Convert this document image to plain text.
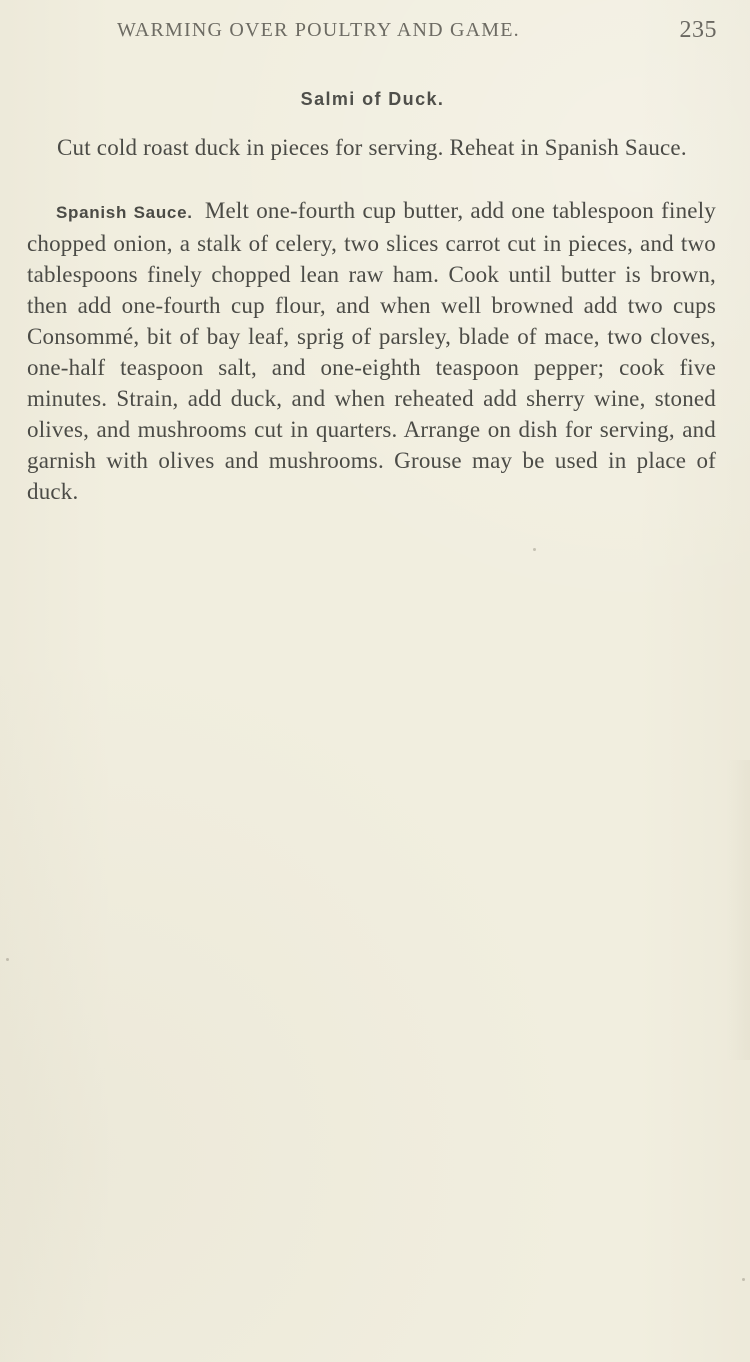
WARMING OVER POULTRY AND GAME.	235
Salmi of Duck.
Cut cold roast duck in pieces for serving. Reheat in Spanish Sauce.
Spanish Sauce. Melt one-fourth cup butter, add one tablespoon finely chopped onion, a stalk of celery, two slices carrot cut in pieces, and two tablespoons finely chopped lean raw ham. Cook until butter is brown, then add one-fourth cup flour, and when well browned add two cups Consommé, bit of bay leaf, sprig of parsley, blade of mace, two cloves, one-half teaspoon salt, and one-eighth teaspoon pepper; cook five minutes. Strain, add duck, and when reheated add sherry wine, stoned olives, and mushrooms cut in quarters. Arrange on dish for serving, and garnish with olives and mushrooms. Grouse may be used in place of duck.
